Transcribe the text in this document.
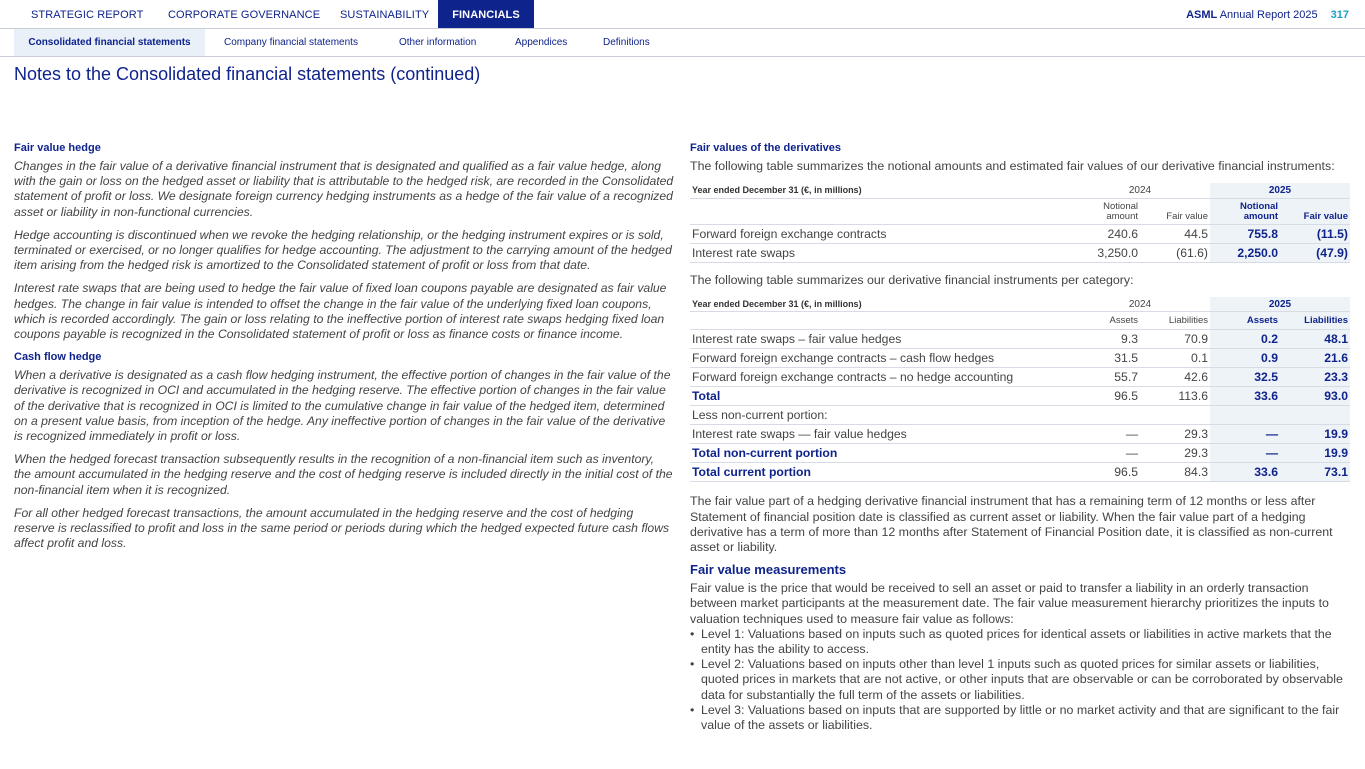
STRATEGIC REPORT CORPORATE GOVERNANCE SUSTAINABILITY	FINANCIALS	ASML Annual Report 2025 317
Consolidated financial statements	Company financial statements	Other information	Appendices	Definitions
Notes to the Consolidated financial statements (continued)
Fair value hedge

Changes in the fair value of a derivative financial instrument that is designated and qualified as a fair value hedge, along with the gain or loss on the hedged asset or liability that is attributable to the hedged risk, are recorded in the Consolidated statement of profit or loss. We designate foreign currency hedging instruments as a hedge of the fair value of a recognized asset or liability in non-functional currencies.

Hedge accounting is discontinued when we revoke the hedging relationship, or the hedging instrument expires or is sold, terminated or exercised, or no longer qualifies for hedge accounting. The adjustment to the carrying amount of the hedged item arising from the hedged risk is amortized to the Consolidated statement of profit or loss from that date.

Interest rate swaps that are being used to hedge the fair value of fixed loan coupons payable are designated as fair value hedges. The change in fair value is intended to offset the change in the fair value of the underlying fixed loan coupons, which is recorded accordingly. The gain or loss relating to the ineffective portion of interest rate swaps hedging fixed loan coupons payable is recognized in the Consolidated statement of profit or loss as finance costs or finance income.

Cash flow hedge

When a derivative is designated as a cash flow hedging instrument, the effective portion of changes in the fair value of the derivative is recognized in OCI and accumulated in the hedging reserve. The effective portion of changes in the fair value of the derivative that is recognized in OCI is limited to the cumulative change in fair value of the hedged item, determined on a present value basis, from inception of the hedge. Any ineffective portion of changes in the fair value of the derivative is recognized immediately in profit or loss.

When the hedged forecast transaction subsequently results in the recognition of a non-financial item such as inventory, the amount accumulated in the hedging reserve and the cost of hedging reserve is included directly in the initial cost of the non-financial item when it is recognized.

For all other hedged forecast transactions, the amount accumulated in the hedging reserve and the cost of hedging reserve is reclassified to profit and loss in the same period or periods during which the hedged expected future cash flows affect profit and loss.

Fair values of the derivatives

The following table summarizes the notional amounts and estimated fair values of our derivative financial instruments:

Year ended December 31 (€, in millions)	2024		2025	
	Notional amount	Fair value	Notional amount	Fair value
Forward foreign exchange contracts	240.6	44.5	755.8	(11.5)
Interest rate swaps	3,250.0	(61.6)	2,250.0	(47.9)

The following table summarizes our derivative financial instruments per category:

Year ended December 31 (€, in millions)	2024		2025	
	Assets	Liabilities	Assets	Liabilities
Interest rate swaps – fair value hedges	9.3	70.9	0.2	48.1
Forward foreign exchange contracts – cash flow hedges	31.5	0.1	0.9	21.6
Forward foreign exchange contracts – no hedge accounting	55.7	42.6	32.5	23.3
Total	96.5	113.6	33.6	93.0
Less non-current portion:				
Interest rate swaps — fair value hedges	—	29.3	—	19.9
Total non-current portion	—	29.3	—	19.9
Total current portion	96.5	84.3	33.6	73.1

The fair value part of a hedging derivative financial instrument that has a remaining term of 12 months or less after Statement of financial position date is classified as current asset or liability. When the fair value part of a hedging derivative has a term of more than 12 months after Statement of Financial Position date, it is classified as non-current asset or liability.

Fair value measurements

Fair value is the price that would be received to sell an asset or paid to transfer a liability in an orderly transaction between market participants at the measurement date. The fair value measurement hierarchy prioritizes the inputs to valuation techniques used to measure fair value as follows:

• Level 1: Valuations based on inputs such as quoted prices for identical assets or liabilities in active markets that the entity has the ability to access.
• Level 2: Valuations based on inputs other than level 1 inputs such as quoted prices for similar assets or liabilities, quoted prices in markets that are not active, or other inputs that are observable or can be corroborated by observable data for substantially the full term of the assets or liabilities.
• Level 3: Valuations based on inputs that are supported by little or no market activity and that are significant to the fair value of the assets or liabilities.
